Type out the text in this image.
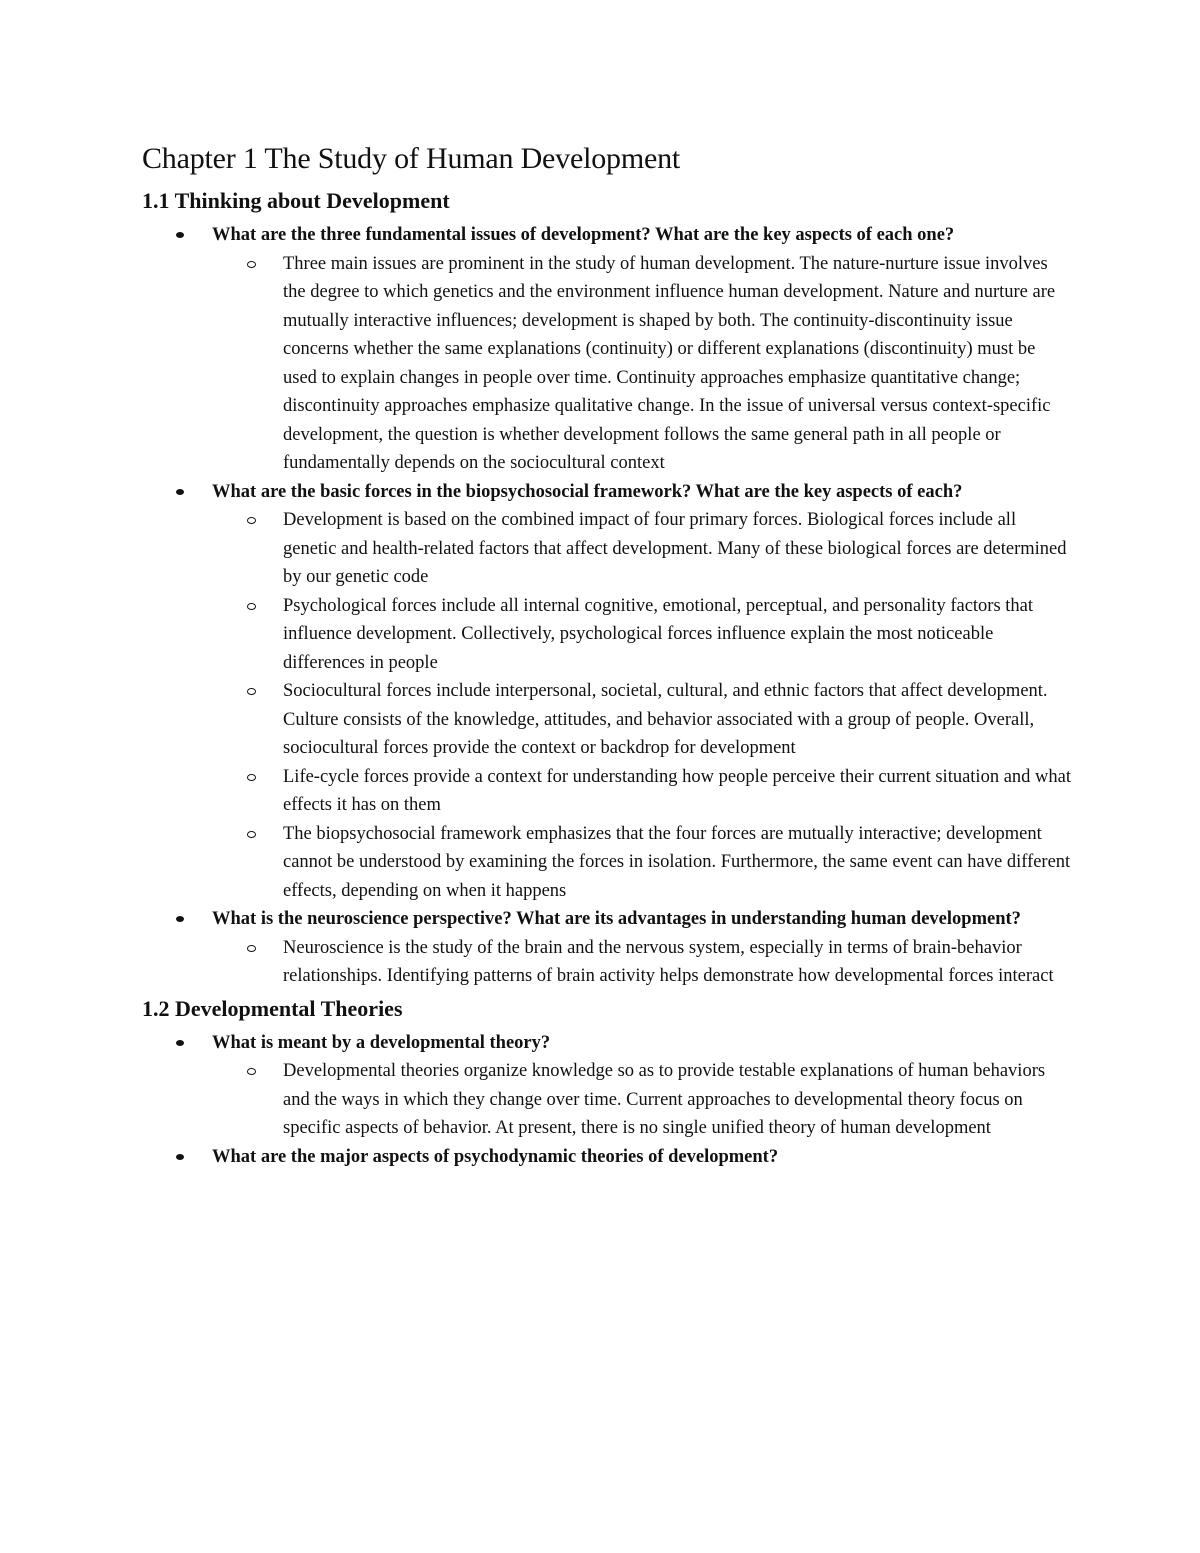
Chapter 1 The Study of Human Development
1.1 Thinking about Development
What are the three fundamental issues of development? What are the key aspects of each one?
Three main issues are prominent in the study of human development. The nature-nurture issue involves the degree to which genetics and the environment influence human development. Nature and nurture are mutually interactive influences; development is shaped by both. The continuity-discontinuity issue concerns whether the same explanations (continuity) or different explanations (discontinuity) must be used to explain changes in people over time. Continuity approaches emphasize quantitative change; discontinuity approaches emphasize qualitative change. In the issue of universal versus context-specific development, the question is whether development follows the same general path in all people or fundamentally depends on the sociocultural context
What are the basic forces in the biopsychosocial framework? What are the key aspects of each?
Development is based on the combined impact of four primary forces. Biological forces include all genetic and health-related factors that affect development. Many of these biological forces are determined by our genetic code
Psychological forces include all internal cognitive, emotional, perceptual, and personality factors that influence development. Collectively, psychological forces influence explain the most noticeable differences in people
Sociocultural forces include interpersonal, societal, cultural, and ethnic factors that affect development. Culture consists of the knowledge, attitudes, and behavior associated with a group of people. Overall, sociocultural forces provide the context or backdrop for development
Life-cycle forces provide a context for understanding how people perceive their current situation and what effects it has on them
The biopsychosocial framework emphasizes that the four forces are mutually interactive; development cannot be understood by examining the forces in isolation. Furthermore, the same event can have different effects, depending on when it happens
What is the neuroscience perspective? What are its advantages in understanding human development?
Neuroscience is the study of the brain and the nervous system, especially in terms of brain-behavior relationships. Identifying patterns of brain activity helps demonstrate how developmental forces interact
1.2 Developmental Theories
What is meant by a developmental theory?
Developmental theories organize knowledge so as to provide testable explanations of human behaviors and the ways in which they change over time. Current approaches to developmental theory focus on specific aspects of behavior. At present, there is no single unified theory of human development
What are the major aspects of psychodynamic theories of development?
